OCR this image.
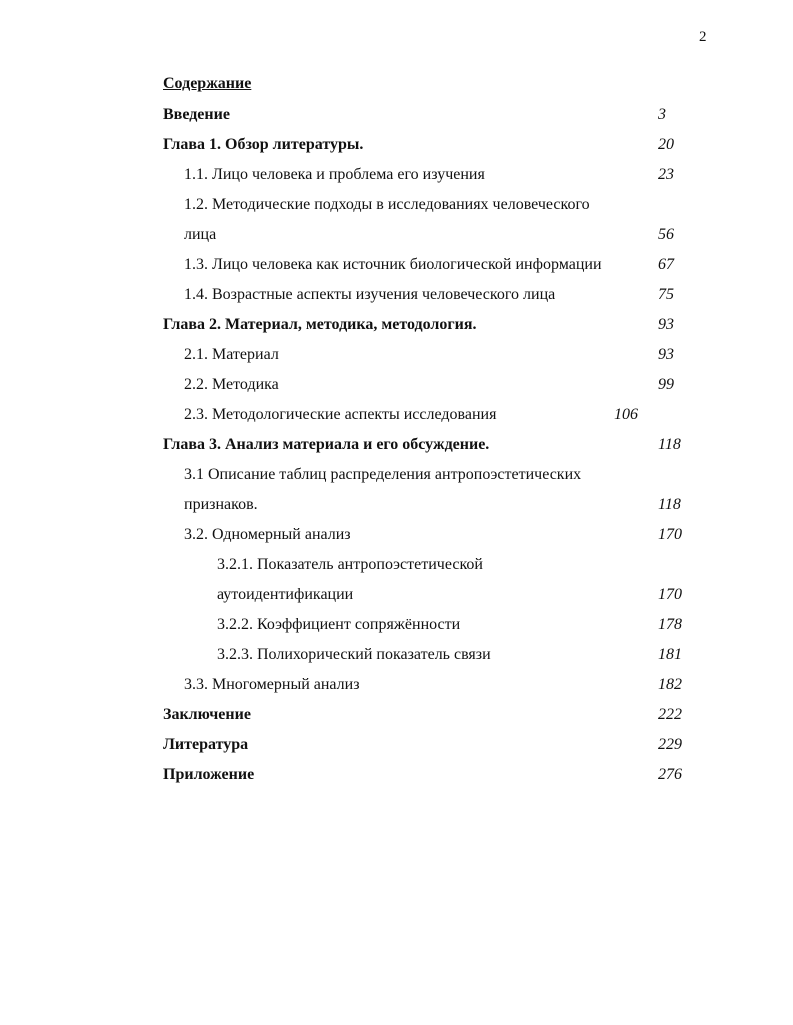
2
Содержание
Введение	3
Глава 1. Обзор литературы.	20
1.1. Лицо человека и проблема его изучения	23
1.2. Методические подходы в исследованиях человеческого
лица	56
1.3. Лицо человека как источник биологической информации	67
1.4. Возрастные аспекты изучения человеческого лица	75
Глава 2. Материал, методика, методология.	93
2.1. Материал	93
2.2. Методика	99
2.3. Методологические аспекты исследования	106
Глава 3. Анализ материала и его обсуждение.	118
3.1 Описание таблиц распределения антропоэстетических
признаков.	118
3.2. Одномерный анализ	170
3.2.1. Показатель антропоэстетической
аутоидентификации	170
3.2.2. Коэффициент сопряжённости	178
3.2.3. Полихорический показатель связи	181
3.3. Многомерный анализ	182
Заключение	222
Литература	229
Приложение	276
